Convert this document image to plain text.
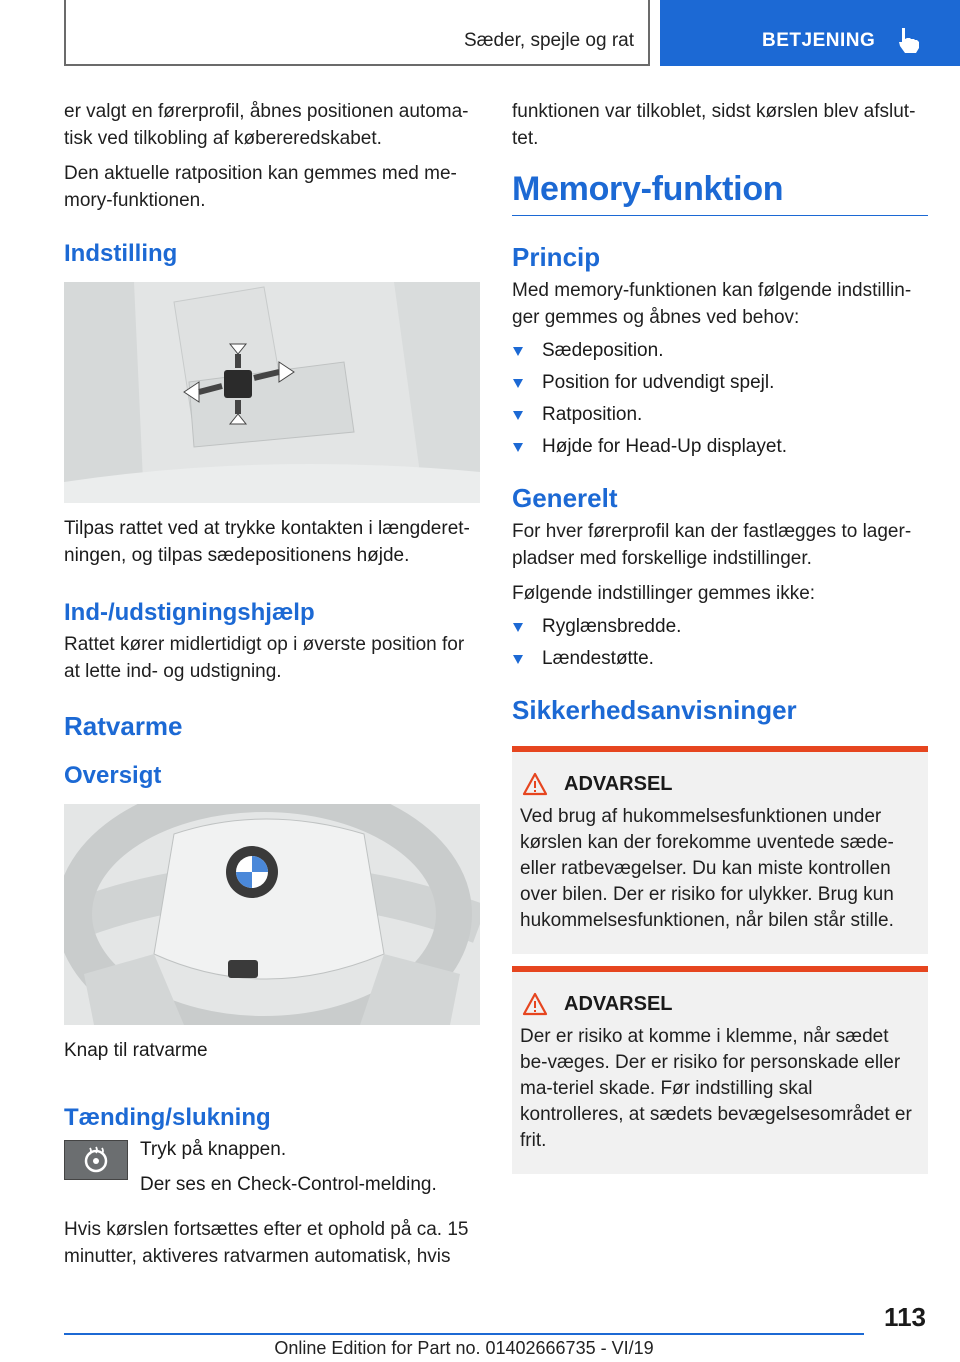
Sæder, spejle og rat	BETJENING

er valgt en førerprofil, åbnes positionen automa-tisk ved tilkobling af købereredskabet.

Den aktuelle ratposition kan gemmes med me-mory-funktionen.

Indstilling

Tilpas rattet ved at trykke kontakten i længderet-ningen, og tilpas sædepositionens højde.

Ind-/udstigningshjælp

Rattet kører midlertidigt op i øverste position for at lette ind- og udstigning.

Ratvarme
Oversigt

Knap til ratvarme

Tænding/slukning

Tryk på knappen.

Der ses en Check-Control-melding.

Hvis kørslen fortsættes efter et ophold på ca. 15 minutter, aktiveres ratvarmen automatisk, hvis

funktionen var tilkoblet, sidst kørslen blev afslut-tet.

Memory-funktion
Princip

Med memory-funktionen kan følgende indstillin-ger gemmes og åbnes ved behov:

Sædeposition.
Position for udvendigt spejl.
Ratposition.
Højde for Head-Up displayet.
Generelt

For hver førerprofil kan der fastlægges to lager-pladser med forskellige indstillinger.

Følgende indstillinger gemmes ikke:

Ryglænsbredde.
Lændestøtte.
Sikkerhedsanvisninger
ADVARSEL

Ved brug af hukommelsesfunktionen under kørslen kan der forekomme uventede sæde- eller ratbevægelser. Du kan miste kontrollen over bilen. Der er risiko for ulykker. Brug kun hukommelsesfunktionen, når bilen står stille.

ADVARSEL

Der er risiko at komme i klemme, når sædet be-væges. Der er risiko for personskade eller ma-teriel skade. Før indstilling skal kontrolleres, at sædets bevægelsesområdet er frit.

113
Online Edition for Part no. 01402666735 - VI/19
